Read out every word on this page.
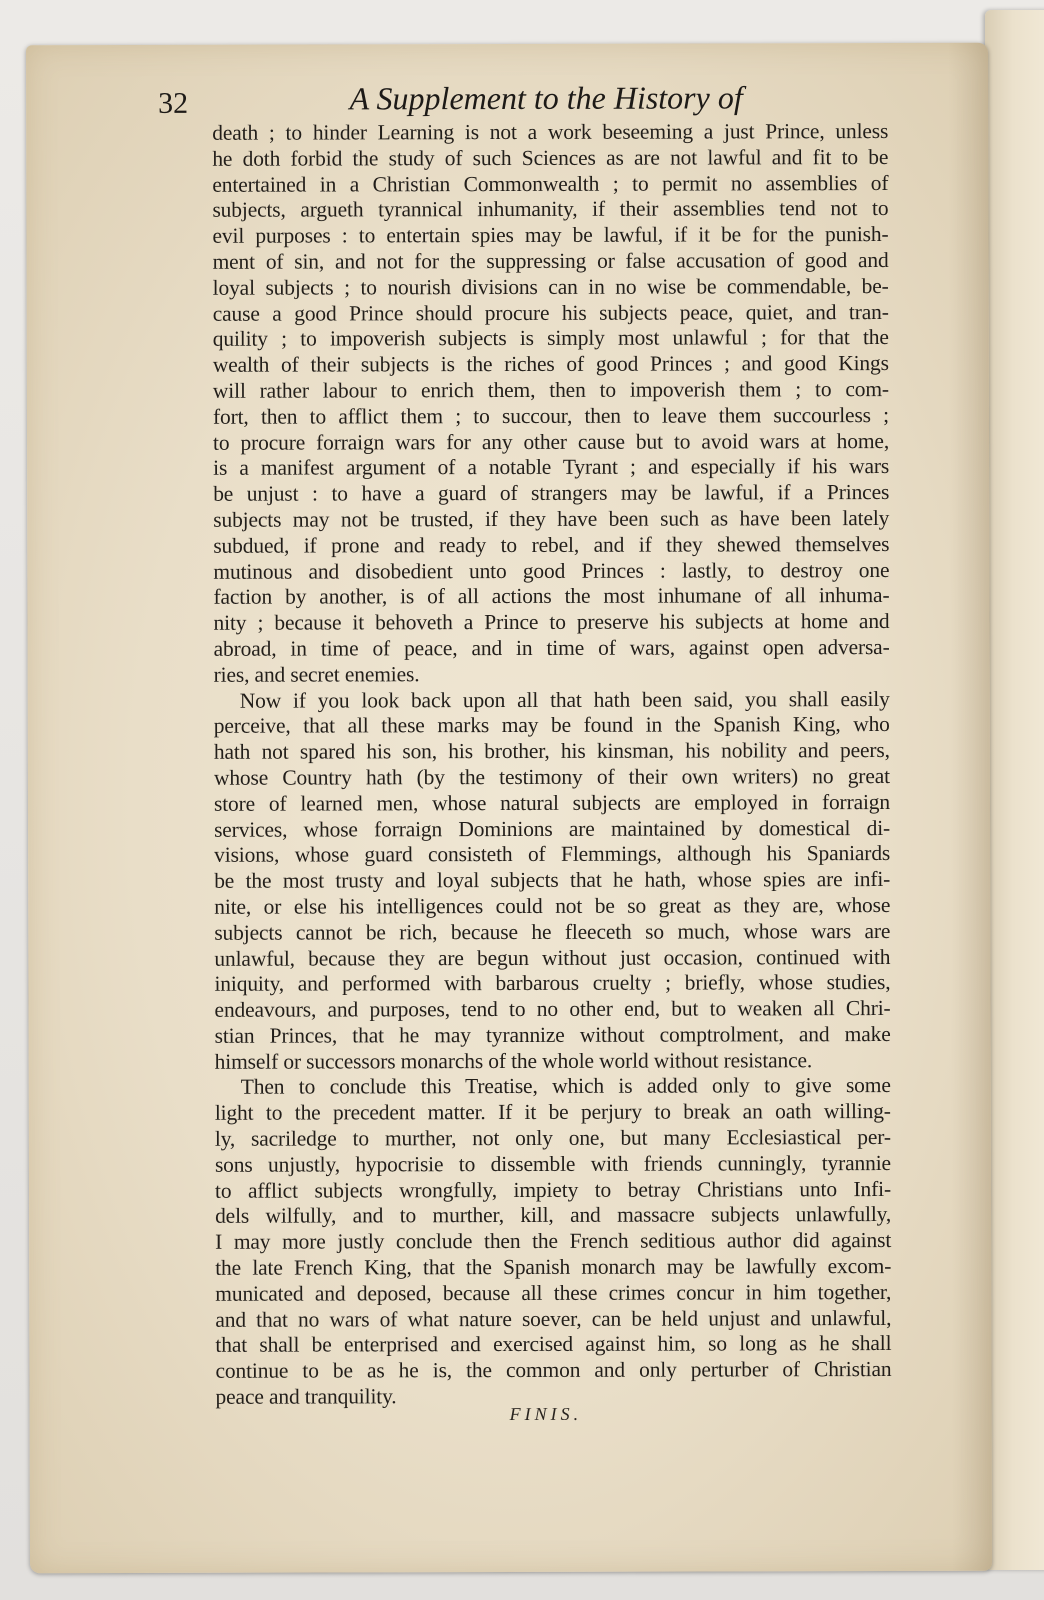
32	A Supplement to the History of
death ; to hinder Learning is not a work beseeming a just Prince, unless
he doth forbid the study of such Sciences as are not lawful and fit to be
entertained in a Christian Commonwealth ; to permit no assemblies of
subjects, argueth tyrannical inhumanity, if their assemblies tend not to
evil purposes : to entertain spies may be lawful, if it be for the punish-
ment of sin, and not for the suppressing or false accusation of good and
loyal subjects ; to nourish divisions can in no wise be commendable, be-
cause a good Prince should procure his subjects peace, quiet, and tran-
quility ; to impoverish subjects is simply most unlawful ; for that the
wealth of their subjects is the riches of good Princes ; and good Kings
will rather labour to enrich them, then to impoverish them ; to com-
fort, then to afflict them ; to succour, then to leave them succourless ;
to procure forraign wars for any other cause but to avoid wars at home,
is a manifest argument of a notable Tyrant ; and especially if his wars
be unjust : to have a guard of strangers may be lawful, if a Princes
subjects may not be trusted, if they have been such as have been lately
subdued, if prone and ready to rebel, and if they shewed themselves
mutinous and disobedient unto good Princes : lastly, to destroy one
faction by another, is of all actions the most inhumane of all inhuma-
nity ; because it behoveth a Prince to preserve his subjects at home and
abroad, in time of peace, and in time of wars, against open adversa-
ries, and secret enemies.
Now if you look back upon all that hath been said, you shall easily
perceive, that all these marks may be found in the Spanish King, who
hath not spared his son, his brother, his kinsman, his nobility and peers,
whose Country hath (by the testimony of their own writers) no great
store of learned men, whose natural subjects are employed in forraign
services, whose forraign Dominions are maintained by domestical di-
visions, whose guard consisteth of Flemmings, although his Spaniards
be the most trusty and loyal subjects that he hath, whose spies are infi-
nite, or else his intelligences could not be so great as they are, whose
subjects cannot be rich, because he fleeceth so much, whose wars are
unlawful, because they are begun without just occasion, continued with
iniquity, and performed with barbarous cruelty ; briefly, whose studies,
endeavours, and purposes, tend to no other end, but to weaken all Chri-
stian Princes, that he may tyrannize without comptrolment, and make
himself or successors monarchs of the whole world without resistance.
Then to conclude this Treatise, which is added only to give some
light to the precedent matter. If it be perjury to break an oath willing-
ly, sacriledge to murther, not only one, but many Ecclesiastical per-
sons unjustly, hypocrisie to dissemble with friends cunningly, tyrannie
to afflict subjects wrongfully, impiety to betray Christians unto Infi-
dels wilfully, and to murther, kill, and massacre subjects unlawfully,
I may more justly conclude then the French seditious author did against
the late French King, that the Spanish monarch may be lawfully excom-
municated and deposed, because all these crimes concur in him together,
and that no wars of what nature soever, can be held unjust and unlawful,
that shall be enterprised and exercised against him, so long as he shall
continue to be as he is, the common and only perturber of Christian
peace and tranquility.
FINIS.
